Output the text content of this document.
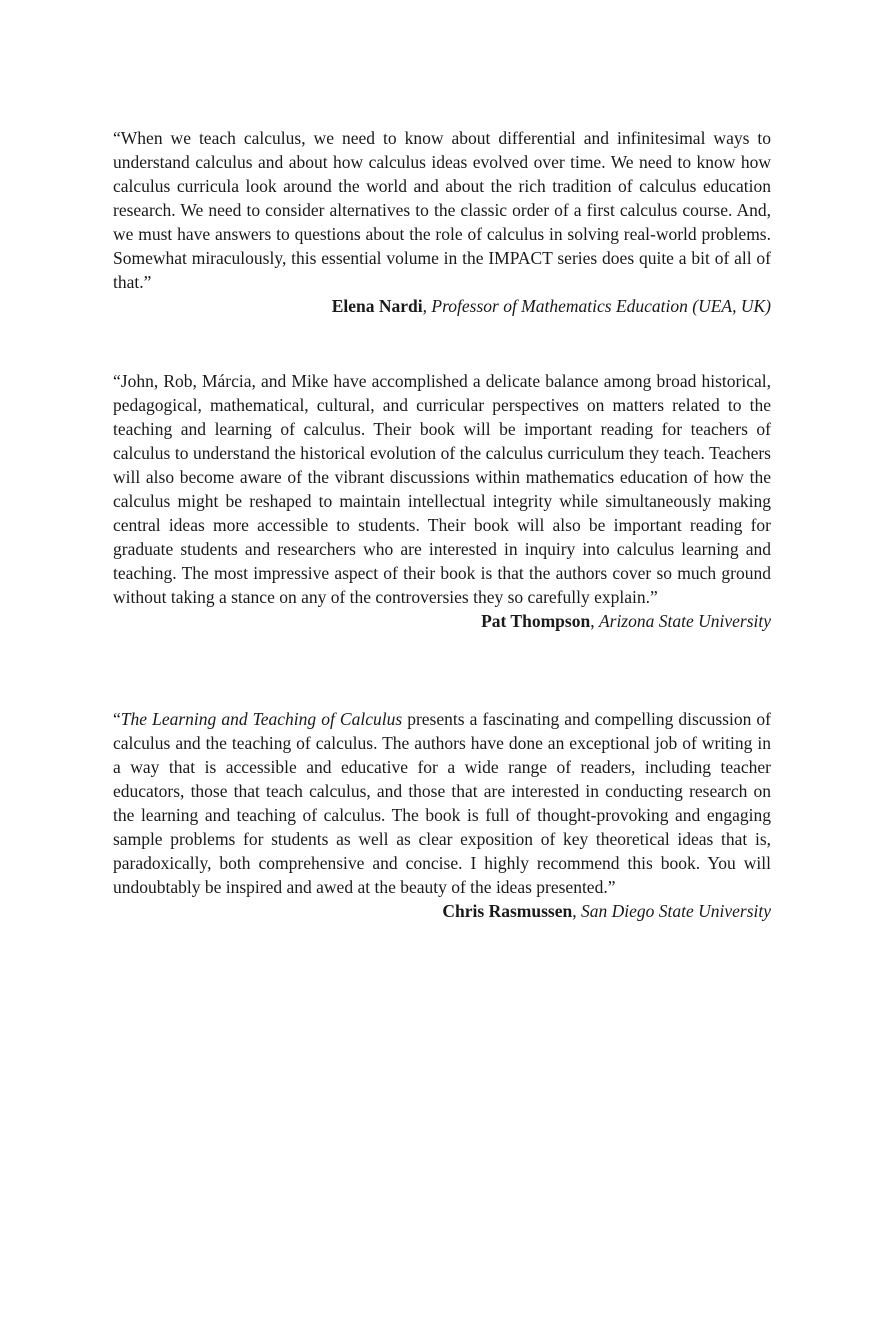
“When we teach calculus, we need to know about differential and infinitesimal ways to understand calculus and about how calculus ideas evolved over time. We need to know how calculus curricula look around the world and about the rich tradition of calculus education research. We need to consider alternatives to the classic order of a first calculus course. And, we must have answers to questions about the role of calculus in solving real-world problems. Somewhat miraculously, this essential volume in the IMPACT series does quite a bit of all of that.”

Elena Nardi, Professor of Mathematics Education (UEA, UK)

“John, Rob, Márcia, and Mike have accomplished a delicate balance among broad historical, pedagogical, mathematical, cultural, and curricular perspectives on matters related to the teaching and learning of calculus. Their book will be important reading for teachers of calculus to understand the historical evolution of the calculus curriculum they teach. Teachers will also become aware of the vibrant discussions within mathematics education of how the calculus might be reshaped to maintain intellectual integrity while simultaneously making central ideas more accessible to students. Their book will also be important reading for graduate students and researchers who are interested in inquiry into calculus learning and teaching. The most impressive aspect of their book is that the authors cover so much ground without taking a stance on any of the controversies they so carefully explain.”

Pat Thompson, Arizona State University

“The Learning and Teaching of Calculus presents a fascinating and compelling discussion of calculus and the teaching of calculus. The authors have done an exceptional job of writing in a way that is accessible and educative for a wide range of readers, including teacher educators, those that teach calculus, and those that are interested in conducting research on the learning and teaching of calculus. The book is full of thought-provoking and engaging sample problems for students as well as clear exposition of key theoretical ideas that is, paradoxically, both comprehensive and concise. I highly recommend this book. You will undoubtably be inspired and awed at the beauty of the ideas presented.”

Chris Rasmussen, San Diego State University
